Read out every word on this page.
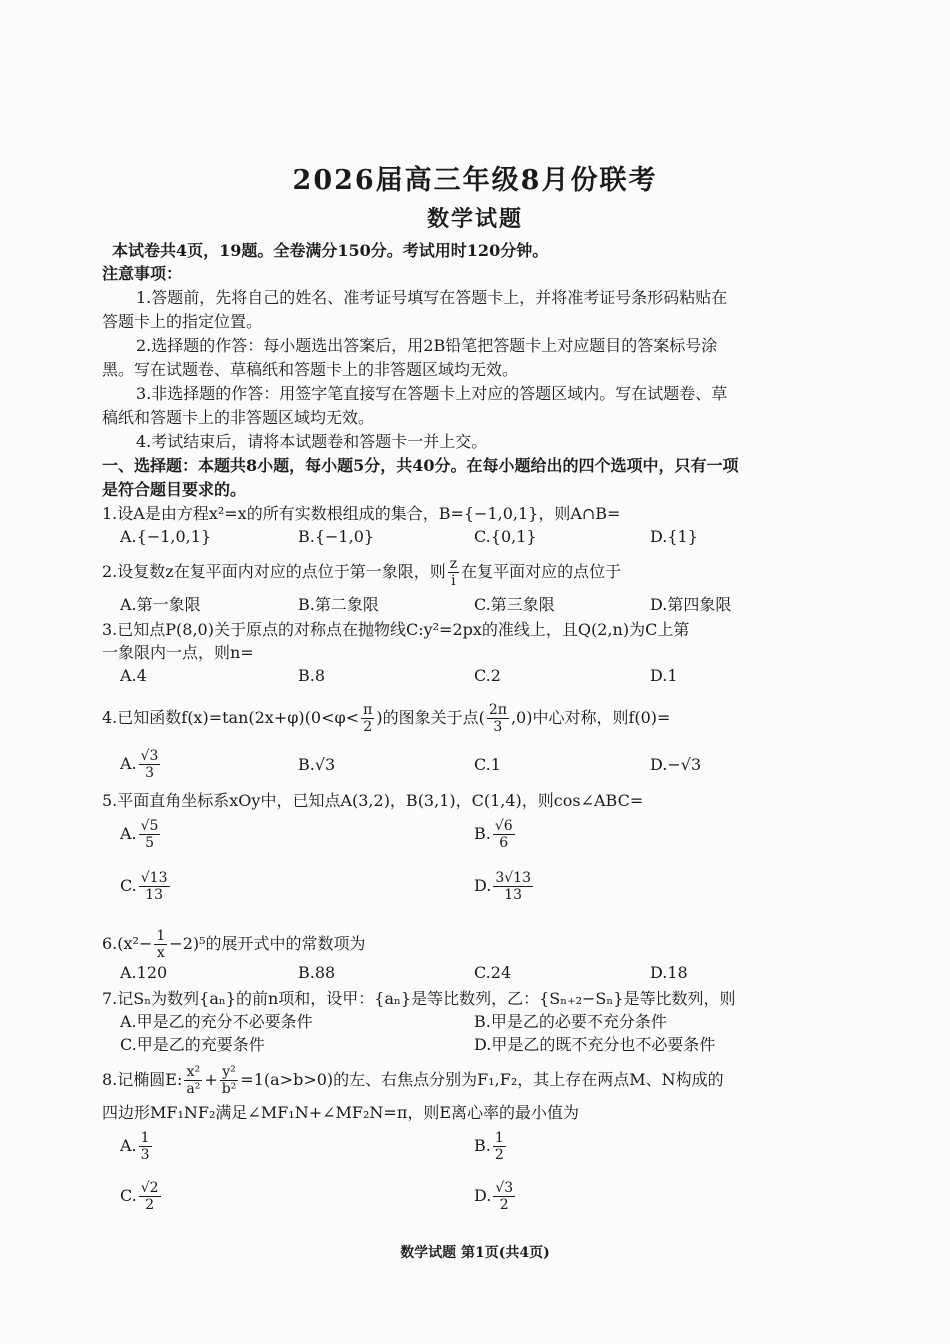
2026届高三年级8月份联考
数学试题
本试卷共4页，19题。全卷满分150分。考试用时120分钟。
注意事项：
1.答题前，先将自己的姓名、准考证号填写在答题卡上，并将准考证号条形码粘贴在
答题卡上的指定位置。
2.选择题的作答：每小题选出答案后，用2B铅笔把答题卡上对应题目的答案标号涂
黑。写在试题卷、草稿纸和答题卡上的非答题区域均无效。
3.非选择题的作答：用签字笔直接写在答题卡上对应的答题区域内。写在试题卷、草
稿纸和答题卡上的非答题区域均无效。
4.考试结束后，请将本试题卷和答题卡一并上交。
一、选择题：本题共8小题，每小题5分，共40分。在每小题给出的四个选项中，只有一项
是符合题目要求的。
1.设A是由方程x²=x的所有实数根组成的集合，B={−1,0,1}，则A∩B=
A.{−1,0,1}	B.{−1,0}	C.{0,1}	D.{1}
2.设复数z在复平面内对应的点位于第一象限，则 $\frac{z}{i}$ 在复平面对应的点位于
A.第一象限	B.第二象限	C.第三象限	D.第四象限
3.已知点P(8,0)关于原点的对称点在抛物线C:y²=2px的准线上，且Q(2,n)为C上第
一象限内一点，则n=
A.4	B.8	C.2	D.1
4.已知函数$f(x)=\tan(2x+\varphi)(0<\varphi< \frac{\pi}{2}$ )的图象关于点( $\frac{2\pi}{3} ,0$)中心对称，则f(0)=
A. $\frac{√3}{3}$	B.√3	C.1	D.−√3
5.平面直角坐标系xOy中，已知点A(3,2)，B(3,1)，C(1,4)，则cos∠ABC=
A. $\frac{√5}{5}$	B. $\frac{√6}{6}$
C. $\frac{√13}{13}$	D. $\frac{3√13}{13}$
$6.(x^2- \frac{1}{x} -2)^5$的展开式中的常数项为
A.120	B.88	C.24	D.18
7.记Sₙ为数列{aₙ}的前n项和，设甲：{aₙ}是等比数列，乙：{Sₙ₊₂−Sₙ}是等比数列，则
A.甲是乙的充分不必要条件	B.甲是乙的必要不充分条件
C.甲是乙的充要条件	D.甲是乙的既不充分也不必要条件
8.记椭圆E: $\frac{\text{x²}}{\text{a²}} + \frac{\text{y²}}{\text{b²}} =1(a>b>0)$的左、右焦点分别为F₁,F₂，其上存在两点M、N构成的
四边形MF₁NF₂满足∠MF₁N+∠MF₂N=π，则E离心率的最小值为
A. $\frac{1}{3}$	B. $\frac{1}{2}$
C. $\frac{√2}{2}$	D. $\frac{√3}{2}$
数学试题 第1页(共4页)
